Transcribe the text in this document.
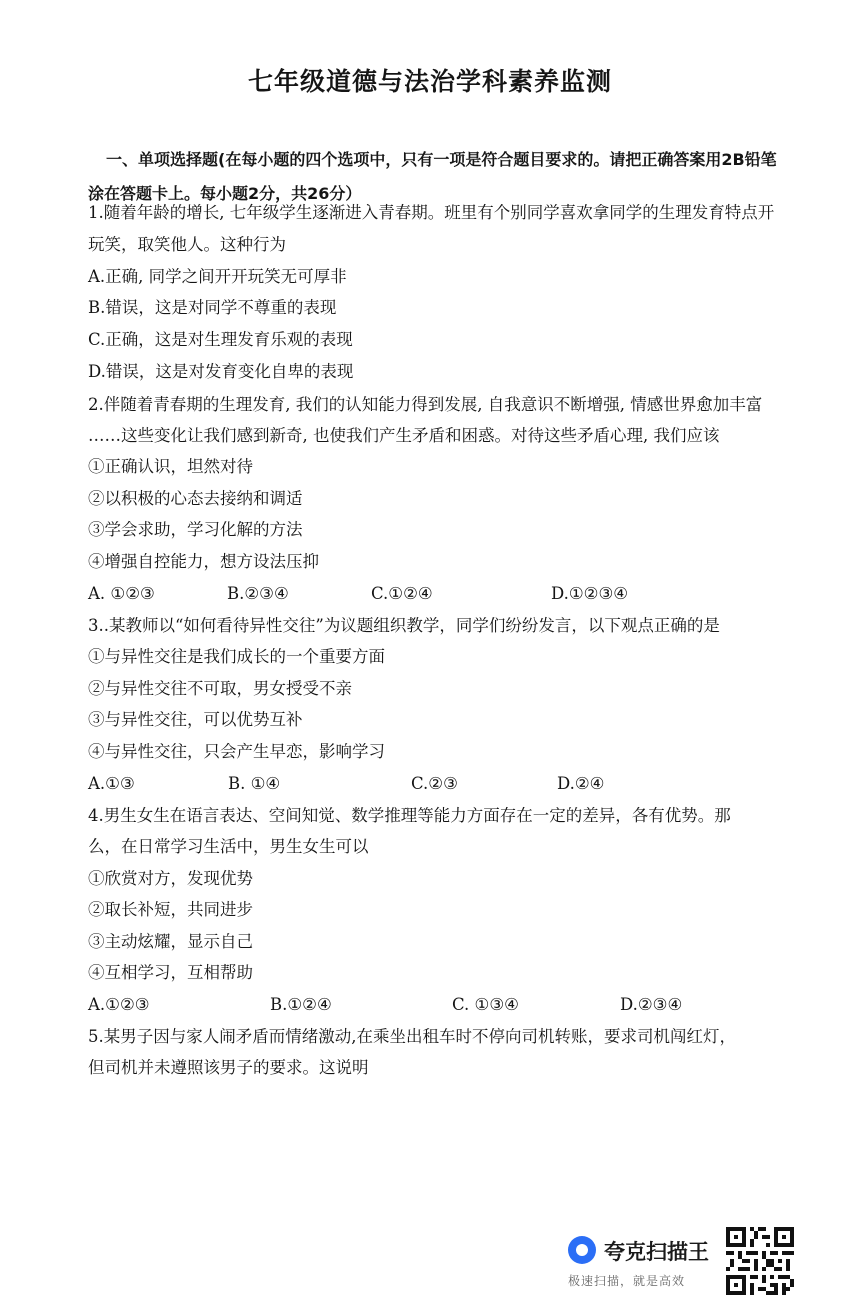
七年级道德与法治学科素养监测
一、单项选择题(在每小题的四个选项中，只有一项是符合题目要求的。请把正确答案用2B铅笔涂在答题卡上。每小题2分，共26分）
1.随着年龄的增长, 七年级学生逐渐进入青春期。班里有个别同学喜欢拿同学的生理发育特点开
玩笑，取笑他人。这种行为
A.正确, 同学之间开开玩笑无可厚非
B.错误，这是对同学不尊重的表现
C.正确，这是对生理发育乐观的表现
D.错误，这是对发育变化自卑的表现
2.伴随着青春期的生理发育, 我们的认知能力得到发展, 自我意识不断增强, 情感世界愈加丰富
……这些变化让我们感到新奇, 也使我们产生矛盾和困惑。对待这些矛盾心理, 我们应该
①正确认识，坦然对待
②以积极的心态去接纳和调适
③学会求助，学习化解的方法
④增强自控能力，想方设法压抑
A. ①②③	B.②③④	C.①②④	D.①②③④
3..某教师以“如何看待异性交往”为议题组织教学，同学们纷纷发言，以下观点正确的是
①与异性交往是我们成长的一个重要方面
②与异性交往不可取，男女授受不亲
③与异性交往，可以优势互补
④与异性交往，只会产生早恋，影响学习
A.①③	B. ①④	C.②③	D.②④
4.男生女生在语言表达、空间知觉、数学推理等能力方面存在一定的差异，各有优势。那
么，在日常学习生活中，男生女生可以
①欣赏对方，发现优势
②取长补短，共同进步
③主动炫耀，显示自己
④互相学习，互相帮助
A.①②③	B.①②④	C. ①③④	D.②③④
5.某男子因与家人闹矛盾而情绪激动,在乘坐出租车时不停向司机转账，要求司机闯红灯，
但司机并未遵照该男子的要求。这说明
夸克扫描王
极速扫描，就是高效
